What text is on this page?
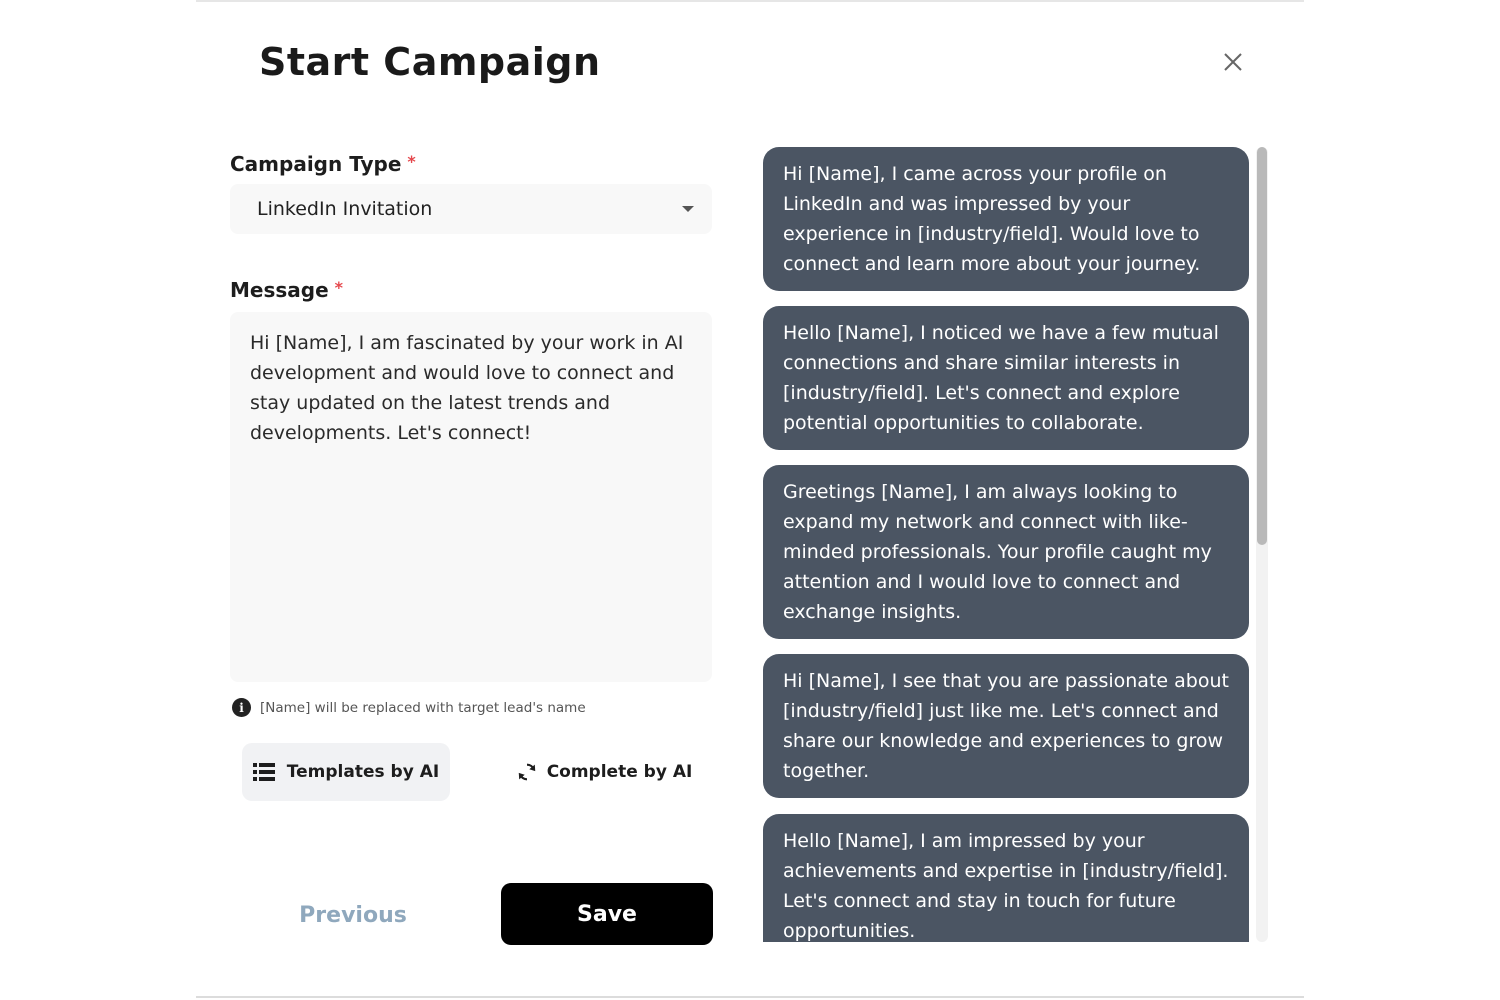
Start Campaign
Campaign Type *
LinkedIn Invitation
Message *
Hi [Name], I am fascinated by your work in AI development and would love to connect and stay updated on the latest trends and developments. Let's connect!
i	[Name] will be replaced with target lead's name
Templates by AI	Complete by AI
Previous	Save
Hi [Name], I came across your profile on LinkedIn and was impressed by your experience in [industry/field]. Would love to connect and learn more about your journey.
Hello [Name], I noticed we have a few mutual connections and share similar interests in [industry/field]. Let's connect and explore potential opportunities to collaborate.
Greetings [Name], I am always looking to expand my network and connect with like-minded professionals. Your profile caught my attention and I would love to connect and exchange insights.
Hi [Name], I see that you are passionate about [industry/field] just like me. Let's connect and share our knowledge and experiences to grow together.
Hello [Name], I am impressed by your achievements and expertise in [industry/field]. Let's connect and stay in touch for future opportunities.
